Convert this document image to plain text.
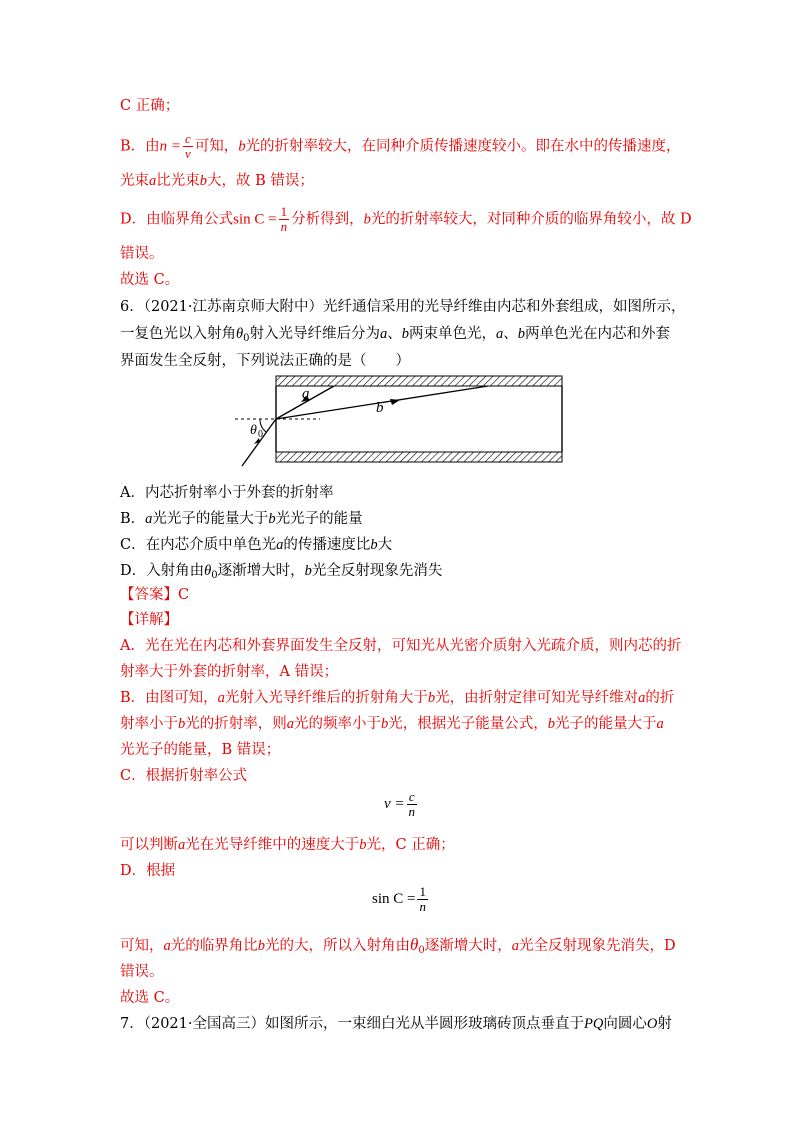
C 正确；
B．由$n = \frac{c}{v}$ 可知，b光的折射率较大，在同种介质传播速度较小。即在水中的传播速度，
光束a比光束b大，故 B 错误；
D．由临界角公式$\sin C = \frac{1}{n}$ 分析得到，b光的折射率较大，对同种介质的临界角较小，故 D
错误。
故选 C。
6．（2021·江苏南京师大附中）光纤通信采用的光导纤维由内芯和外套组成，如图所示，
一复色光以入射角$\theta_0$射入光导纤维后分为a、b两束单色光，a、b两单色光在内芯和外套
界面发生全反射，下列说法正确的是（　　）
a
b
θ 0
A．内芯折射率小于外套的折射率
B．a光光子的能量大于b光光子的能量
C．在内芯介质中单色光a的传播速度比b大
D．入射角由$\theta_0$逐渐增大时，b光全反射现象先消失
【答案】C
【详解】
A．光在光在内芯和外套界面发生全反射，可知光从光密介质射入光疏介质，则内芯的折
射率大于外套的折射率，A 错误；
B．由图可知，a光射入光导纤维后的折射角大于b光，由折射定律可知光导纤维对a的折
射率小于b光的折射率，则a光的频率小于b光，根据光子能量公式，b光子的能量大于a
光光子的能量，B 错误；
C．根据折射率公式
$v = \frac{c}{n}$
可以判断a光在光导纤维中的速度大于b光，C 正确；
D．根据
$\sin C = \frac{1}{n}$
可知，a光的临界角比b光的大，所以入射角由$\theta_0$逐渐增大时，a光全反射现象先消失，D
错误。
故选 C。
7．（2021·全国高三）如图所示，一束细白光从半圆形玻璃砖顶点垂直于PQ向圆心O射
